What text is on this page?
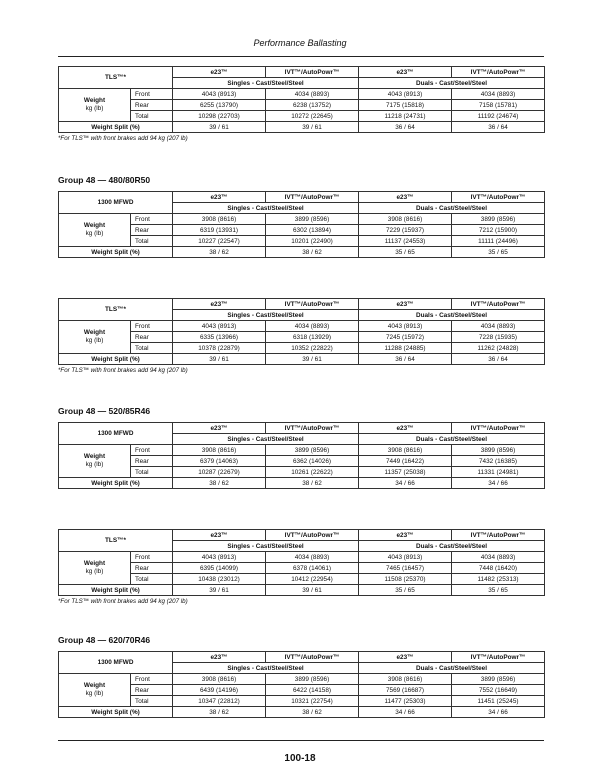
Performance Ballasting
TLS™*		e23™	IVT™/AutoPowr™	e23™	IVT™/AutoPowr™
		Singles - Cast/Steel/Steel		Duals - Cast/Steel/Steel	
Weight
kg (lb)	Front	4043 (8913)	4034 (8893)	4043 (8913)	4034 (8893)
	Rear	6255 (13790)	6238 (13752)	7175 (15818)	7158 (15781)
	Total	10298 (22703)	10272 (22645)	11218 (24731)	11192 (24674)
Weight Split (%)		39 / 61	39 / 61	36 / 64	36 / 64
*For TLS™ with front brakes add 94 kg (207 lb)
Group 48 — 480/80R50
1300 MFWD		e23™	IVT™/AutoPowr™	e23™	IVT™/AutoPowr™
		Singles - Cast/Steel/Steel		Duals - Cast/Steel/Steel	
Weight
kg (lb)	Front	3908 (8616)	3899 (8596)	3908 (8616)	3899 (8596)
	Rear	6319 (13931)	6302 (13894)	7229 (15937)	7212 (15900)
	Total	10227 (22547)	10201 (22490)	11137 (24553)	11111 (24496)
Weight Split (%)		38 / 62	38 / 62	35 / 65	35 / 65
TLS™*		e23™	IVT™/AutoPowr™	e23™	IVT™/AutoPowr™
		Singles - Cast/Steel/Steel		Duals - Cast/Steel/Steel	
Weight
kg (lb)	Front	4043 (8913)	4034 (8893)	4043 (8913)	4034 (8893)
	Rear	6335 (13966)	6318 (13929)	7245 (15972)	7228 (15935)
	Total	10378 (22879)	10352 (22822)	11288 (24885)	11262 (24828)
Weight Split (%)		39 / 61	39 / 61	36 / 64	36 / 64
*For TLS™ with front brakes add 94 kg (207 lb)
Group 48 — 520/85R46
1300 MFWD		e23™	IVT™/AutoPowr™	e23™	IVT™/AutoPowr™
		Singles - Cast/Steel/Steel		Duals - Cast/Steel/Steel	
Weight
kg (lb)	Front	3908 (8616)	3899 (8596)	3908 (8616)	3899 (8596)
	Rear	6379 (14063)	6362 (14026)	7449 (16422)	7432 (16385)
	Total	10287 (22679)	10261 (22622)	11357 (25038)	11331 (24981)
Weight Split (%)		38 / 62	38 / 62	34 / 66	34 / 66
TLS™*		e23™	IVT™/AutoPowr™	e23™	IVT™/AutoPowr™
		Singles - Cast/Steel/Steel		Duals - Cast/Steel/Steel	
Weight
kg (lb)	Front	4043 (8913)	4034 (8893)	4043 (8913)	4034 (8893)
	Rear	6395 (14099)	6378 (14061)	7465 (16457)	7448 (16420)
	Total	10438 (23012)	10412 (22954)	11508 (25370)	11482 (25313)
Weight Split (%)		39 / 61	39 / 61	35 / 65	35 / 65
*For TLS™ with front brakes add 94 kg (207 lb)
Group 48 — 620/70R46
1300 MFWD		e23™	IVT™/AutoPowr™	e23™	IVT™/AutoPowr™
		Singles - Cast/Steel/Steel		Duals - Cast/Steel/Steel	
Weight
kg (lb)	Front	3908 (8616)	3899 (8596)	3908 (8616)	3899 (8596)
	Rear	6439 (14196)	6422 (14158)	7569 (16687)	7552 (16649)
	Total	10347 (22812)	10321 (22754)	11477 (25303)	11451 (25245)
Weight Split (%)		38 / 62	38 / 62	34 / 66	34 / 66
100-18
